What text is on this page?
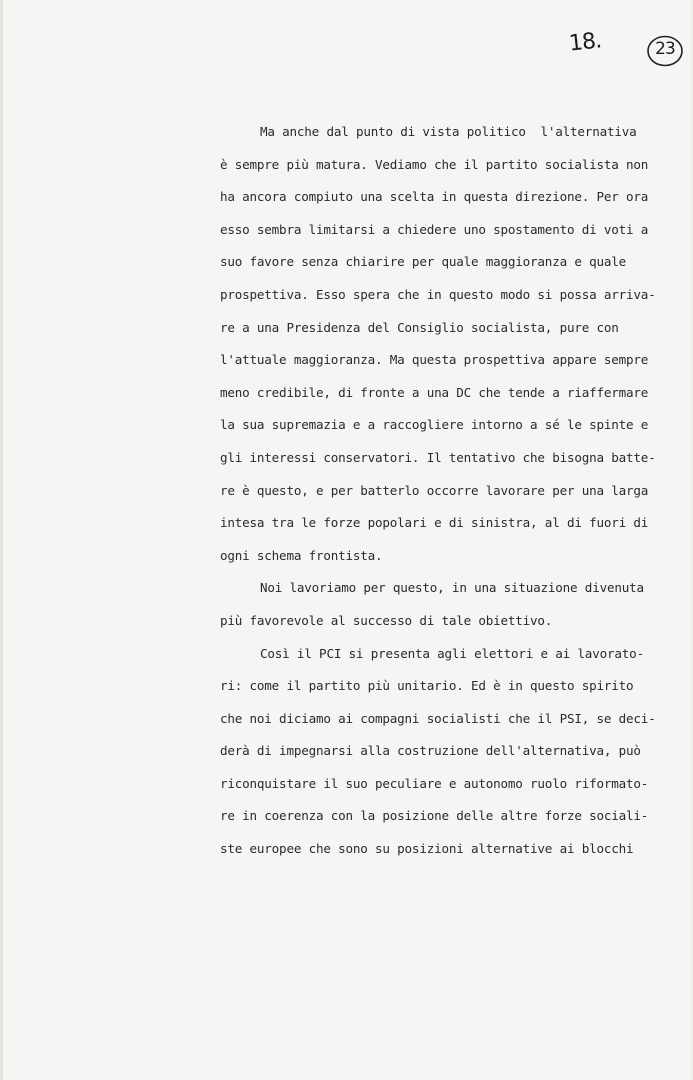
18.	23
Ma anche dal punto di vista politico  l'alternativa
è sempre più matura. Vediamo che il partito socialista non
ha ancora compiuto una scelta in questa direzione. Per ora
esso sembra limitarsi a chiedere uno spostamento di voti a
suo favore senza chiarire per quale maggioranza e quale
prospettiva. Esso spera che in questo modo si possa arriva-
re a una Presidenza del Consiglio socialista, pure con
l'attuale maggioranza. Ma questa prospettiva appare sempre
meno credibile, di fronte a una DC che tende a riaffermare
la sua supremazia e a raccogliere intorno a sé le spinte e
gli interessi conservatori. Il tentativo che bisogna batte-
re è questo, e per batterlo occorre lavorare per una larga
intesa tra le forze popolari e di sinistra, al di fuori di
ogni schema frontista.
Noi lavoriamo per questo, in una situazione divenuta
più favorevole al successo di tale obiettivo.
Così il PCI si presenta agli elettori e ai lavorato-
ri: come il partito più unitario. Ed è in questo spirito
che noi diciamo ai compagni socialisti che il PSI, se deci-
derà di impegnarsi alla costruzione dell'alternativa, può
riconquistare il suo peculiare e autonomo ruolo riformato-
re in coerenza con la posizione delle altre forze sociali-
ste europee che sono su posizioni alternative ai blocchi
